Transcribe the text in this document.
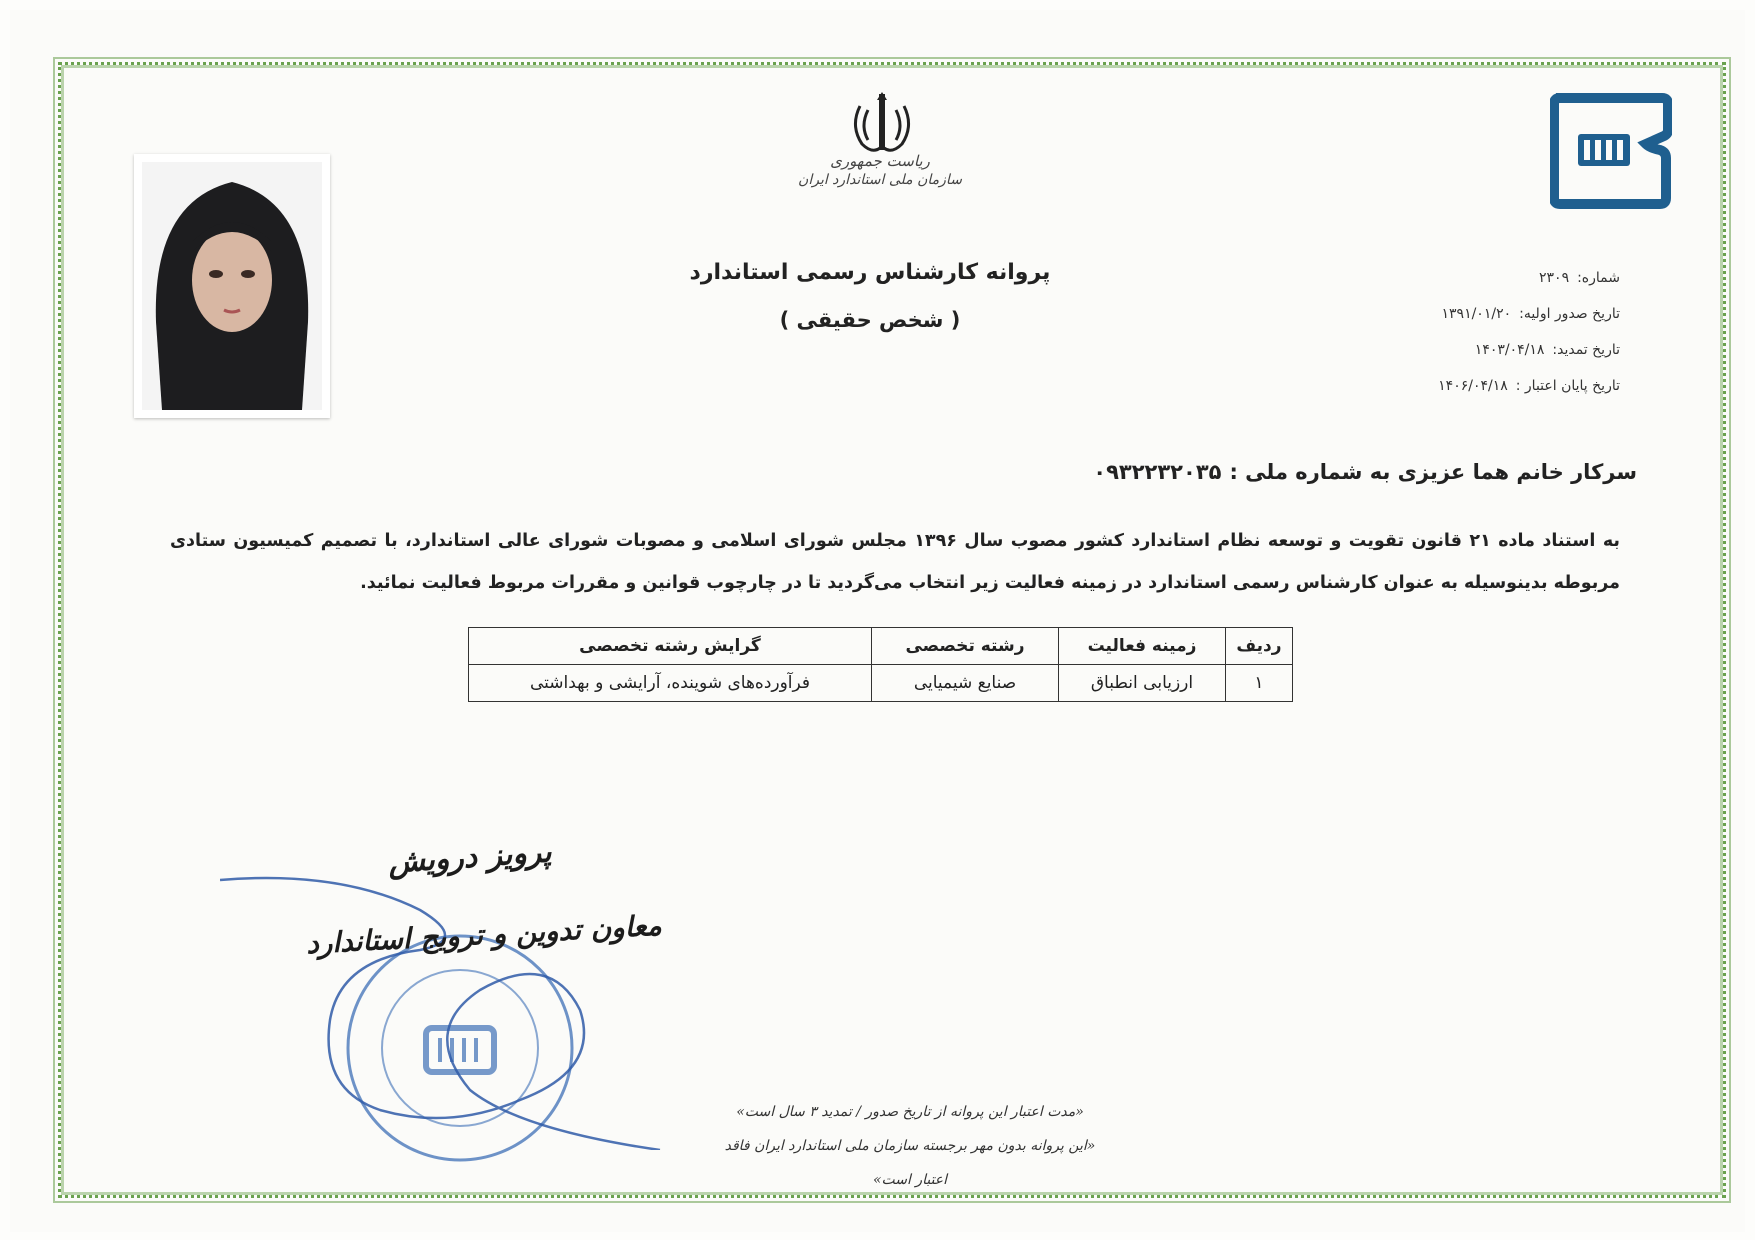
ریاست جمهوری
سازمان ملی استاندارد ایران
پروانه کارشناس رسمی استاندارد
( شخص حقیقی )
شماره:۲۳۰۹
تاریخ صدور اولیه:۱۳۹۱/۰۱/۲۰
تاریخ تمدید:۱۴۰۳/۰۴/۱۸
تاریخ پایان اعتبار :۱۴۰۶/۰۴/۱۸
سرکار خانم هما عزیزی به شماره ملی :۰۹۳۲۲۳۲۰۳۵
به استناد ماده ۲۱ قانون تقویت و توسعه نظام استاندارد کشور مصوب سال ۱۳۹۶ مجلس شورای اسلامی و مصوبات شورای عالی استاندارد، با تصمیم کمیسیون ستادی مربوطه بدینوسیله به عنوان کارشناس رسمی استاندارد در زمینه فعالیت زیر انتخاب می‌گردید تا در چارچوب قوانین و مقررات مربوط فعالیت نمائید.
ردیف	زمینه فعالیت	رشته تخصصی	گرایش رشته تخصصی
۱	ارزیابی انطباق	صنایع شیمیایی	فرآورده‌های شوینده، آرایشی و بهداشتی
پرویز درویش
معاون تدوین و ترویج استاندارد
«مدت اعتبار این پروانه از تاریخ صدور / تمدید ۳ سال است»
«این پروانه بدون مهر برجسته سازمان ملی استاندارد ایران فاقد اعتبار است»
